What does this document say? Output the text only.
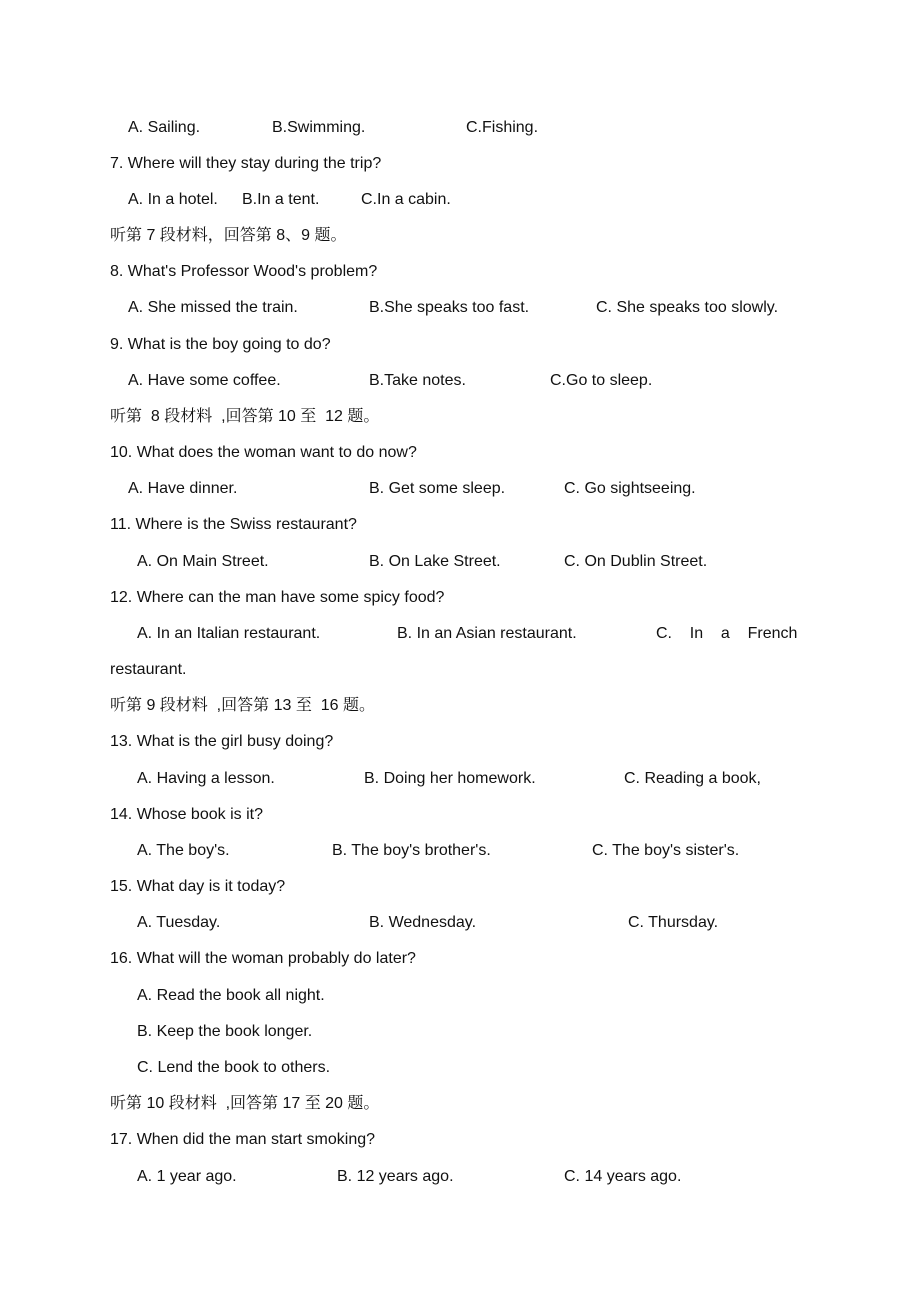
A. Sailing.	B.Swimming.	C.Fishing.
7. Where will they stay during the trip?
A. In a hotel. B.In a tent.	C.In a cabin.
听第 7 段材料，回答第 8、9 题。
8. What's Professor Wood's problem?
A. She missed the train.	B.She speaks too fast.	C. She speaks too slowly.
9. What is the boy going to do?
A. Have some coffee.	B.Take notes.	C.Go to sleep.
听第  8 段材料  ,回答第 10 至  12 题。
10. What does the woman want to do now?
A. Have dinner.	B. Get some sleep.	C. Go sightseeing.
11. Where is the Swiss restaurant?
A. On Main Street.	B. On Lake Street.	C. On Dublin Street.
12. Where can the man have some spicy food?
A. In an Italian restaurant.	B. In an Asian restaurant.	C.    In    a    French
restaurant.
听第 9 段材料  ,回答第 13 至  16 题。
13. What is the girl busy doing?
A. Having a lesson.	B. Doing her homework.	C. Reading a book,
14. Whose book is it?
A. The boy's.	B. The boy's brother's.	C. The boy's sister's.
15. What day is it today?
A. Tuesday.	B. Wednesday.	C. Thursday.
16. What will the woman probably do later?
A. Read the book all night.
B. Keep the book longer.
C. Lend the book to others.
听第 10 段材料  ,回答第 17 至 20 题。
17. When did the man start smoking?
A. 1 year ago.	B. 12 years ago.	C. 14 years ago.
